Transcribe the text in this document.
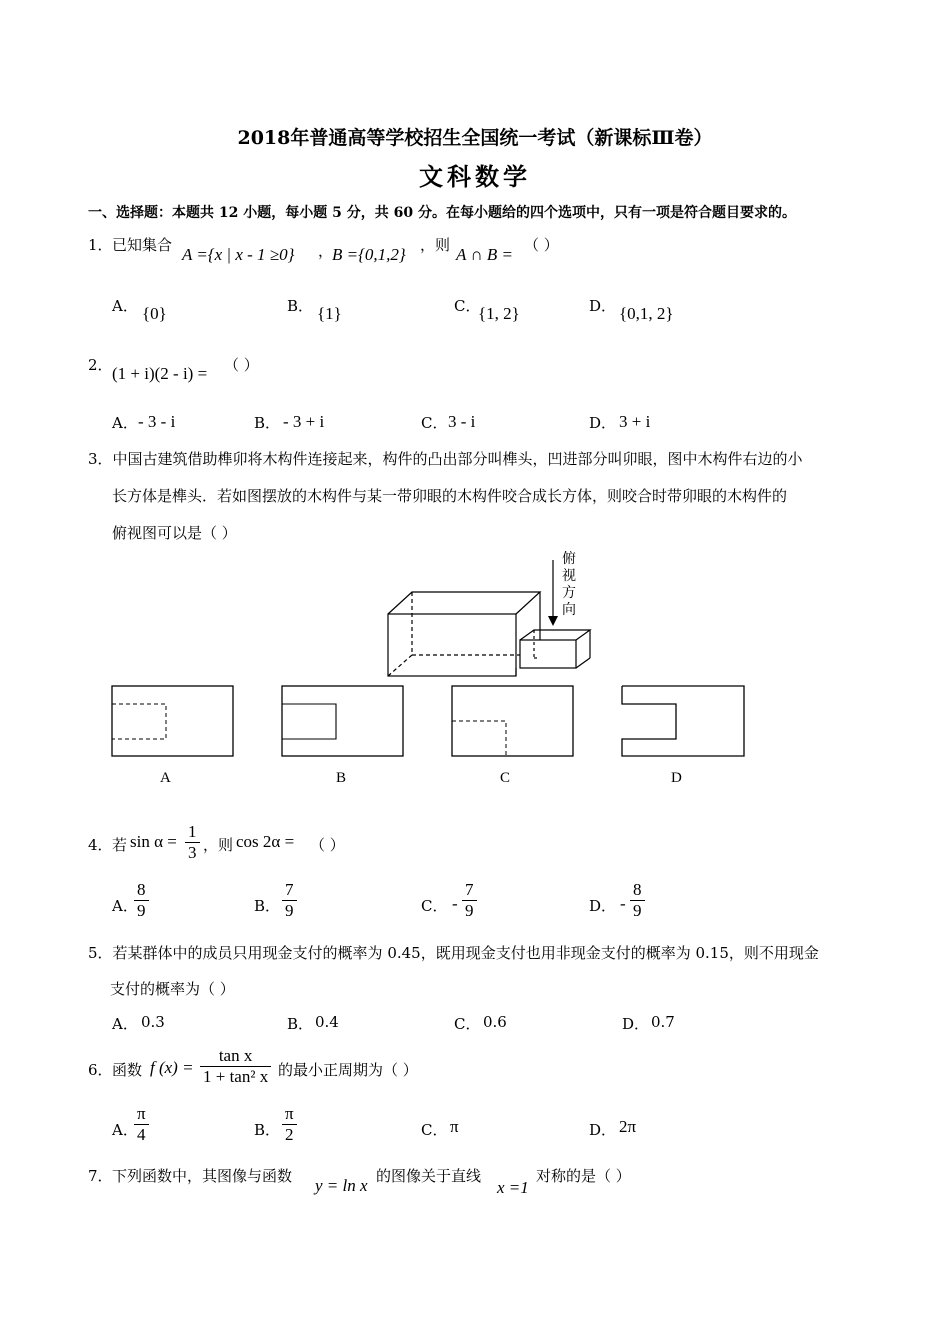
2018年普通高等学校招生全国统一考试（新课标Ⅲ卷）
文科数学
一、选择题：本题共 12 小题，每小题 5 分，共 60 分。在每小题给的四个选项中，只有一项是符合题目要求的。
1． 已知集合 A ={x | x - 1 ≥0} ，
B ={0,1,2} ，则 A ∩ B = （ ）
A． {0}	B． {1}	C．
{1, 2}	D． {0,1, 2}
2． (1 + i)(2 - i) = （ ）
A． - 3 - i	B． - 3 + i	C． 3 - i	D． 3 + i
3．中国古建筑借助榫卯将木构件连接起来，构件的凸出部分叫榫头，凹进部分叫卯眼，图中木构件右边的小
长方体是榫头．若如图摆放的木构件与某一带卯眼的木构件咬合成长方体，则咬合时带卯眼的木构件的
俯视图可以是（ ）
俯
视
方
向
A	B	C	D
4． 若 $\sin \alpha = \frac{1}{3}$ ，则 cos 2α = （ ）
A．
$\frac{8}{9}$	B． $\frac{7}{9}$	C． - $\frac{7}{9}$	D． - $\frac{8}{9}$
5．若某群体中的成员只用现金支付的概率为 0.45，既用现金支付也用非现金支付的概率为 0.15，则不用现金
支付的概率为（ ）
A． 0.3	B． 0.4	C． 0.6	D． 0.7
6． 函数 f $(x) = \frac{\text{tan x}}{\text{1 + tan² x}}$ 的最小正周期为（ ）
A．
$\frac{\pi}{4}$	B． $\frac{\pi}{2}$	C． π	D． 2π
7． 下列函数中，其图像与函数 y = ln x 的图像关于直线
x =1
对称的是（ ）
